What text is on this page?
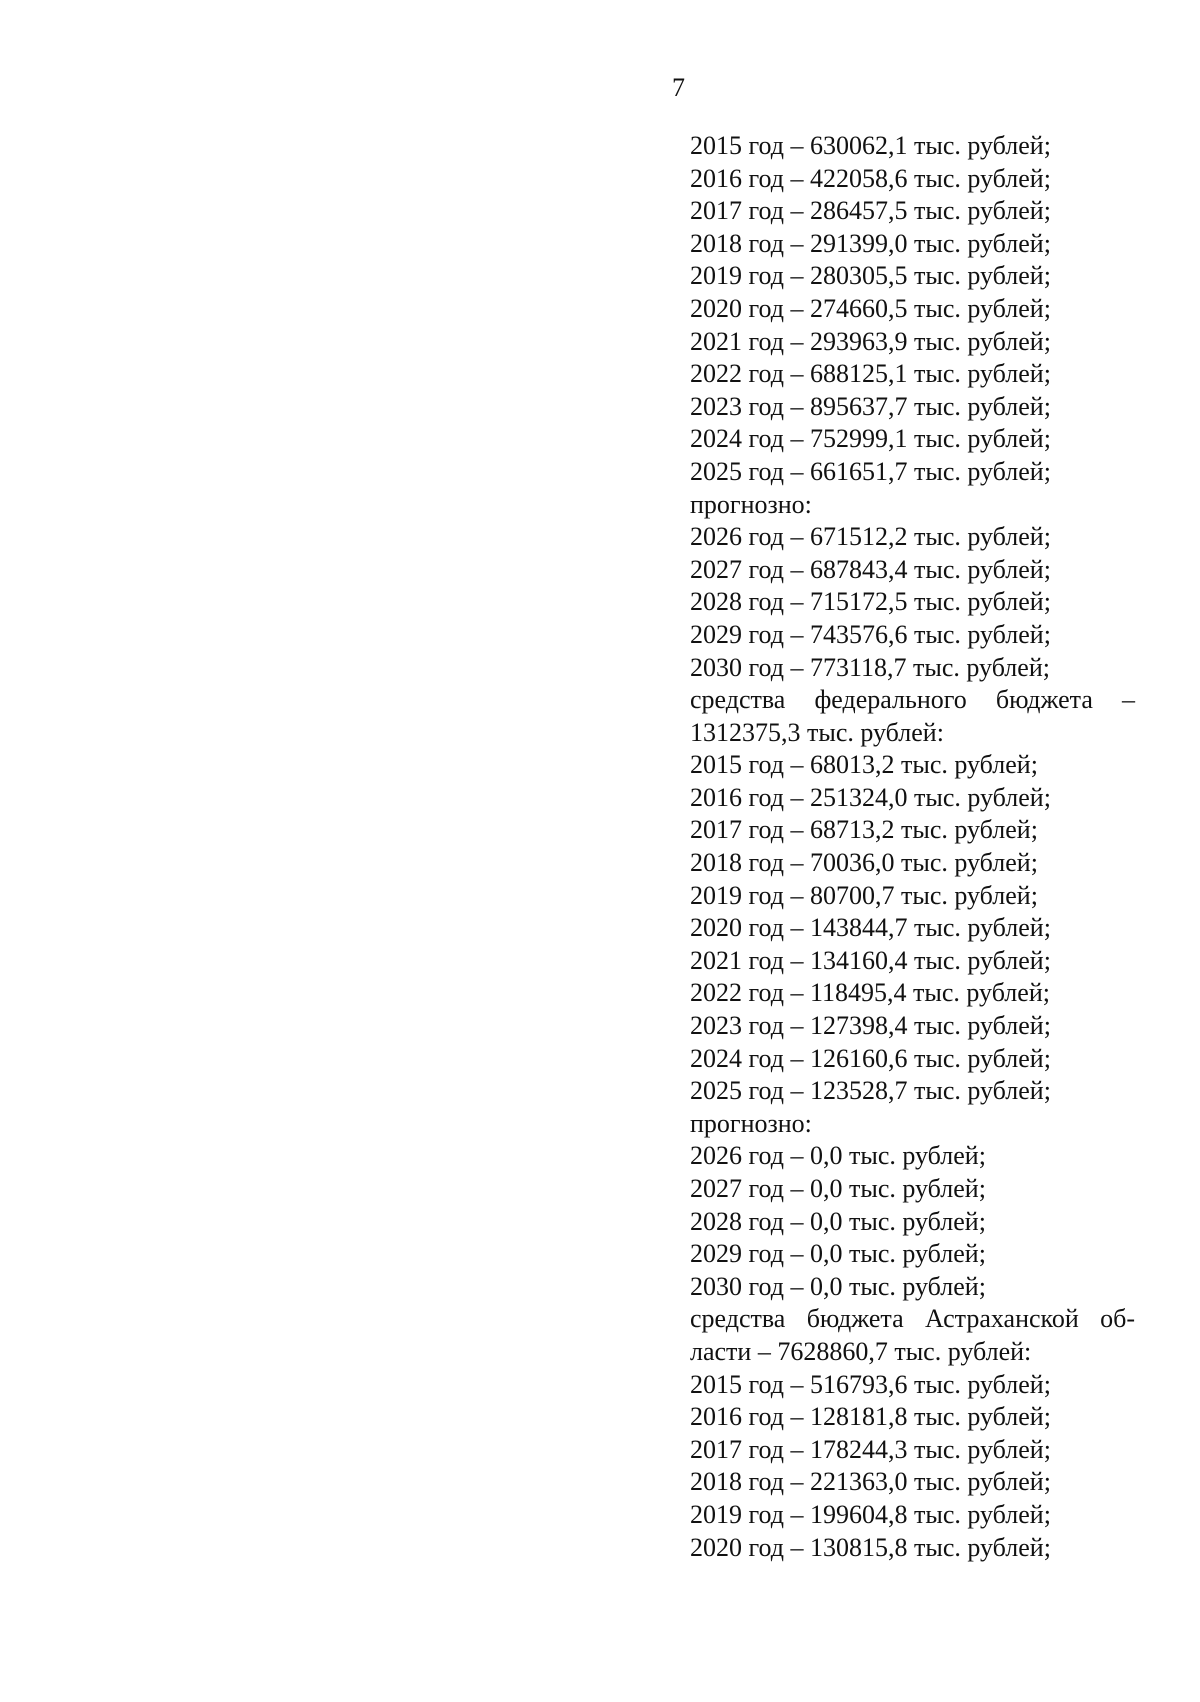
7
2015 год – 630062,1 тыс. рублей;
2016 год – 422058,6 тыс. рублей;
2017 год – 286457,5 тыс. рублей;
2018 год – 291399,0 тыс. рублей;
2019 год – 280305,5 тыс. рублей;
2020 год – 274660,5 тыс. рублей;
2021 год – 293963,9 тыс. рублей;
2022 год – 688125,1 тыс. рублей;
2023 год – 895637,7 тыс. рублей;
2024 год – 752999,1 тыс. рублей;
2025 год – 661651,7 тыс. рублей;
прогнозно:
2026 год – 671512,2 тыс. рублей;
2027 год – 687843,4 тыс. рублей;
2028 год – 715172,5 тыс. рублей;
2029 год – 743576,6 тыс. рублей;
2030 год – 773118,7 тыс. рублей;
средства федерального бюджета –
1312375,3 тыс. рублей:
2015 год – 68013,2 тыс. рублей;
2016 год – 251324,0 тыс. рублей;
2017 год – 68713,2 тыс. рублей;
2018 год – 70036,0 тыс. рублей;
2019 год – 80700,7 тыс. рублей;
2020 год – 143844,7 тыс. рублей;
2021 год – 134160,4 тыс. рублей;
2022 год – 118495,4 тыс. рублей;
2023 год – 127398,4 тыс. рублей;
2024 год – 126160,6 тыс. рублей;
2025 год – 123528,7 тыс. рублей;
прогнозно:
2026 год – 0,0 тыс. рублей;
2027 год – 0,0 тыс. рублей;
2028 год – 0,0 тыс. рублей;
2029 год – 0,0 тыс. рублей;
2030 год – 0,0 тыс. рублей;
средства бюджета Астраханской об-
ласти – 7628860,7 тыс. рублей:
2015 год – 516793,6 тыс. рублей;
2016 год – 128181,8 тыс. рублей;
2017 год – 178244,3 тыс. рублей;
2018 год – 221363,0 тыс. рублей;
2019 год – 199604,8 тыс. рублей;
2020 год – 130815,8 тыс. рублей;
